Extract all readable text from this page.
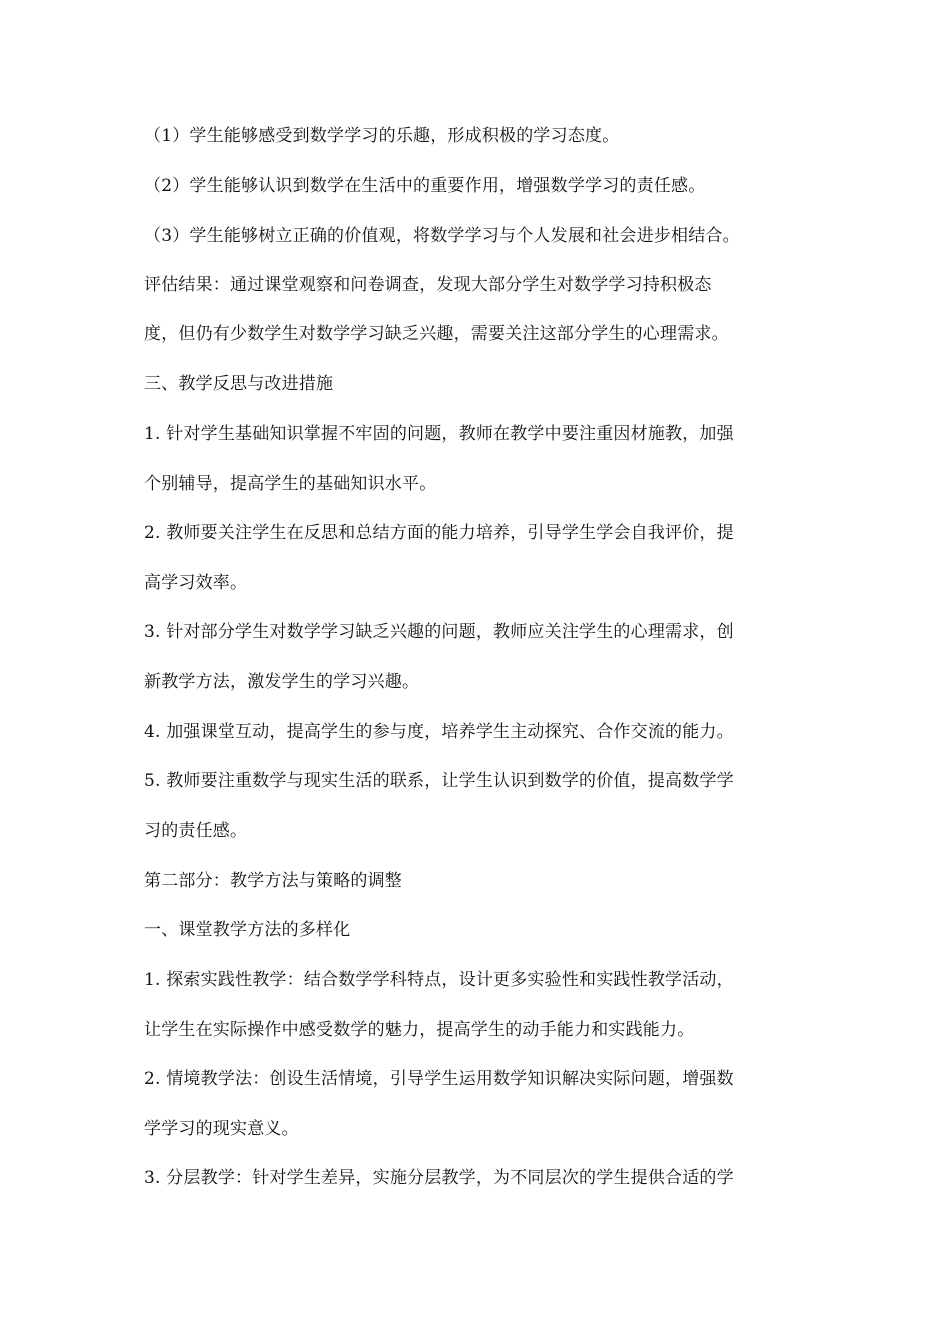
（1）学生能够感受到数学学习的乐趣，形成积极的学习态度。
（2）学生能够认识到数学在生活中的重要作用，增强数学学习的责任感。
（3）学生能够树立正确的价值观，将数学学习与个人发展和社会进步相结合。
评估结果：通过课堂观察和问卷调查，发现大部分学生对数学学习持积极态
度，但仍有少数学生对数学学习缺乏兴趣，需要关注这部分学生的心理需求。
三、教学反思与改进措施
1. 针对学生基础知识掌握不牢固的问题，教师在教学中要注重因材施教，加强
个别辅导，提高学生的基础知识水平。
2. 教师要关注学生在反思和总结方面的能力培养，引导学生学会自我评价，提
高学习效率。
3. 针对部分学生对数学学习缺乏兴趣的问题，教师应关注学生的心理需求，创
新教学方法，激发学生的学习兴趣。
4. 加强课堂互动，提高学生的参与度，培养学生主动探究、合作交流的能力。
5. 教师要注重数学与现实生活的联系，让学生认识到数学的价值，提高数学学
习的责任感。
第二部分：教学方法与策略的调整
一、课堂教学方法的多样化
1. 探索实践性教学：结合数学学科特点，设计更多实验性和实践性教学活动，
让学生在实际操作中感受数学的魅力，提高学生的动手能力和实践能力。
2. 情境教学法：创设生活情境，引导学生运用数学知识解决实际问题，增强数
学学习的现实意义。
3. 分层教学：针对学生差异，实施分层教学，为不同层次的学生提供合适的学
